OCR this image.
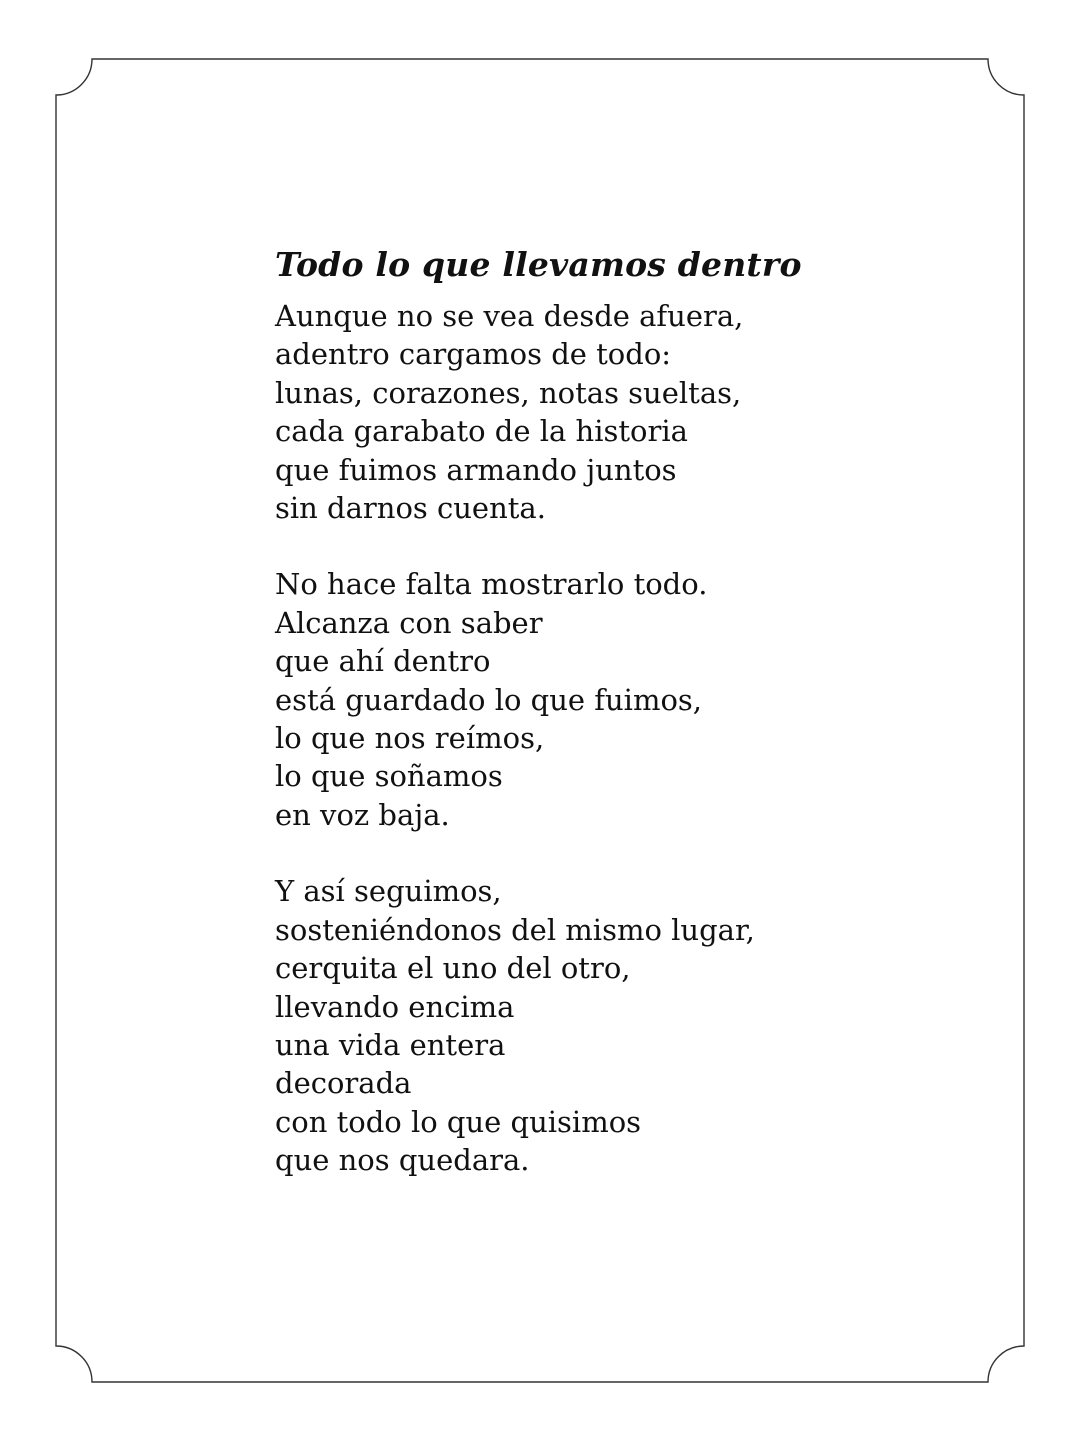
Todo lo que llevamos dentro

Aunque no se vea desde afuera,
adentro cargamos de todo:
lunas, corazones, notas sueltas,
cada garabato de la historia
que fuimos armando juntos
sin darnos cuenta.

No hace falta mostrarlo todo.
Alcanza con saber
que ahí dentro
está guardado lo que fuimos,
lo que nos reímos,
lo que soñamos
en voz baja.

Y así seguimos,
sosteniéndonos del mismo lugar,
cerquita el uno del otro,
llevando encima
una vida entera
decorada
con todo lo que quisimos
que nos quedara.
